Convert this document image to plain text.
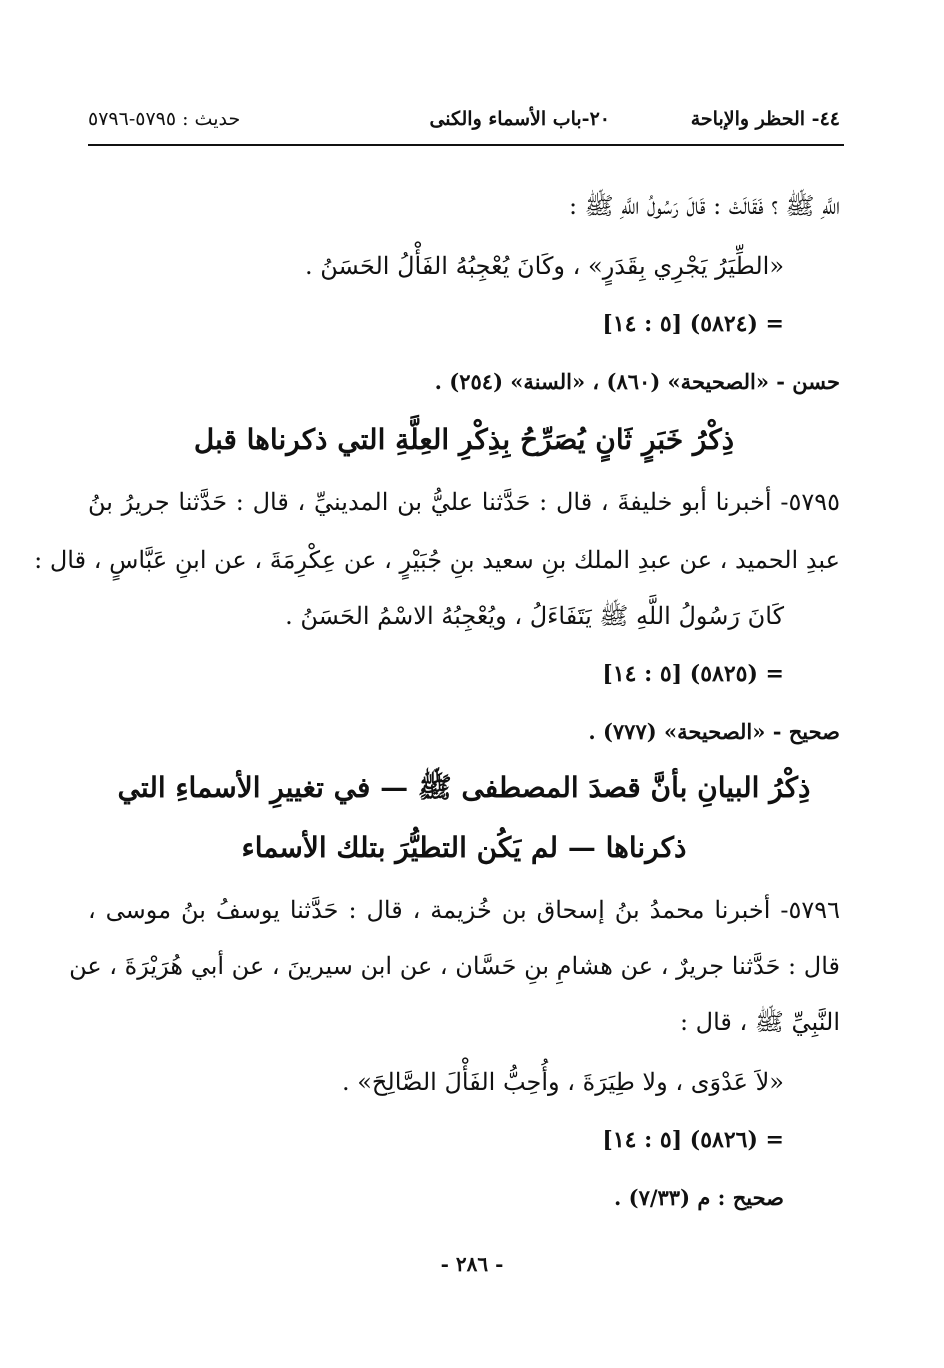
٤٤- الحظر والإباحة
٢٠-باب الأسماء والكنى
حديث : ٥٧٩٥-٥٧٩٦
اللَّهِ ﷺ ؟ فَقَالَتْ : قَالَ رَسُولُ اللَّهِ ﷺ :
«الطِّيَرُ يَجْرِي بِقَدَرٍ» ، وكَانَ يُعْجِبُهُ الفَأْلُ الحَسَنُ .
= (٥٨٢٤) [٥ : ١٤]
حسن - «الصحيحة» (٨٦٠) ، «السنة» (٢٥٤) .
ذِكْرُ خَبَرٍ ثَانٍ يُصَرِّحُ بِذِكْرِ العِلَّةِ التي ذكرناها قبل
٥٧٩٥- أخبرنا أبو خليفةَ ، قال : حَدَّثنا عليُّ بن المدينيِّ ، قال : حَدَّثنا جريرُ بنُ
عبدِ الحميد ، عن عبدِ الملك بنِ سعيد بنِ جُبَيْرٍ ، عن عِكْرِمَةَ ، عن ابنِ عَبَّاسٍ ، قال :
كَانَ رَسُولُ اللَّهِ ﷺ يَتَفَاءَلُ ، ويُعْجِبُهُ الاسْمُ الحَسَنُ .
= (٥٨٢٥) [٥ : ١٤]
صحيح - «الصحيحة» (٧٧٧) .
ذِكْرُ البيانِ بأنَّ قصدَ المصطفى ﷺ — في تغييرِ الأسماءِ التي
ذكرناها — لم يَكُن التطيُّرَ بتلك الأسماء
٥٧٩٦- أخبرنا محمدُ بنُ إسحاق بن خُزيمة ، قال : حَدَّثنا يوسفُ بنُ موسى ،
قال : حَدَّثنا جريرٌ ، عن هشامِ بنِ حَسَّان ، عن ابن سيرينَ ، عن أبي هُرَيْرَةَ ، عن
النَّبِيِّ ﷺ ، قال :
«لاَ عَدْوَى ، ولا طِيَرَةَ ، وأُحِبُّ الفَأْلَ الصَّالِحَ» .
= (٥٨٢٦) [٥ : ١٤]
صحيح : م (٧/٣٣) .
- ٢٨٦ -
